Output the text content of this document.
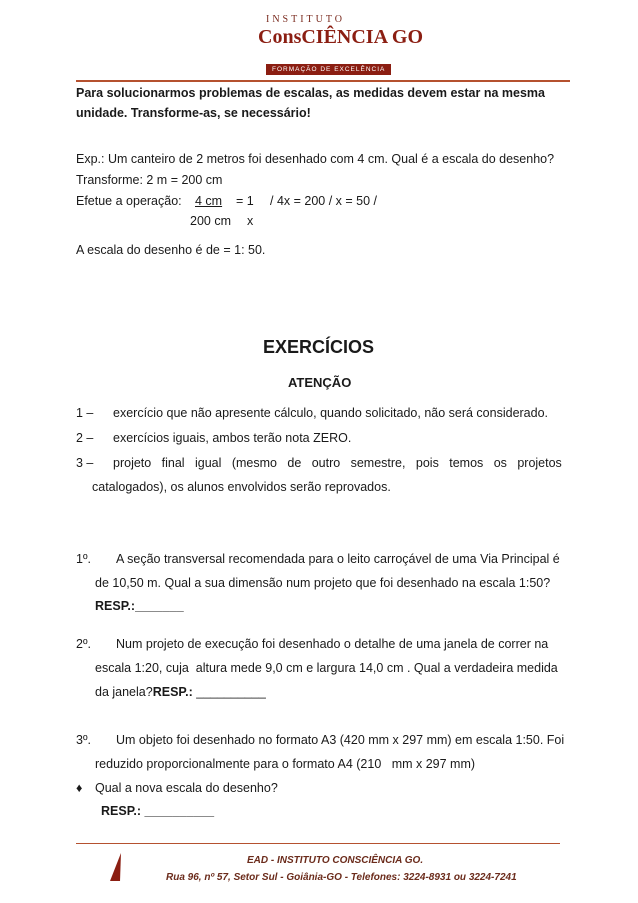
INSTITUTO
ConsCIÊNCIA GO
FORMAÇÃO DE EXCELÊNCIA
Para solucionarmos problemas de escalas, as medidas devem estar na mesma
unidade. Transforme-as, se necessário!
Exp.: Um canteiro de 2 metros foi desenhado com 4 cm. Qual é a escala do desenho?
Transforme: 2 m = 200 cm
Efetue a operação: 4 cm = 1 / 4x = 200 / x = 50 /
200 cm x
A escala do desenho é de = 1: 50.
EXERCÍCIOS
ATENÇÃO
1 – exercício que não apresente cálculo, quando solicitado, não será considerado.
2 – exercícios iguais, ambos terão nota ZERO.
3 – projeto   final   igual   (mesmo   de   outro   semestre,   pois   temos   os   projetos
catalogados), os alunos envolvidos serão reprovados.
1º. A seção transversal recomendada para o leito carroçável de uma Via Principal é
de 10,50 m. Qual a sua dimensão num projeto que foi desenhado na escala 1:50?
RESP.:_______
2º. Num projeto de execução foi desenhado o detalhe de uma janela de correr na
escala 1:20, cuja  altura mede 9,0 cm e largura 14,0 cm . Qual a verdadeira medida
da janela?RESP.: __________
3º. Um objeto foi desenhado no formato A3 (420 mm x 297 mm) em escala 1:50. Foi
reduzido proporcionalmente para o formato A4 (210   mm x 297 mm)
♦ Qual a nova escala do desenho?
RESP.: __________
EAD - INSTITUTO CONSCIÊNCIA GO.
Rua 96, nº 57, Setor Sul - Goiânia-GO - Telefones: 3224-8931 ou 3224-7241
